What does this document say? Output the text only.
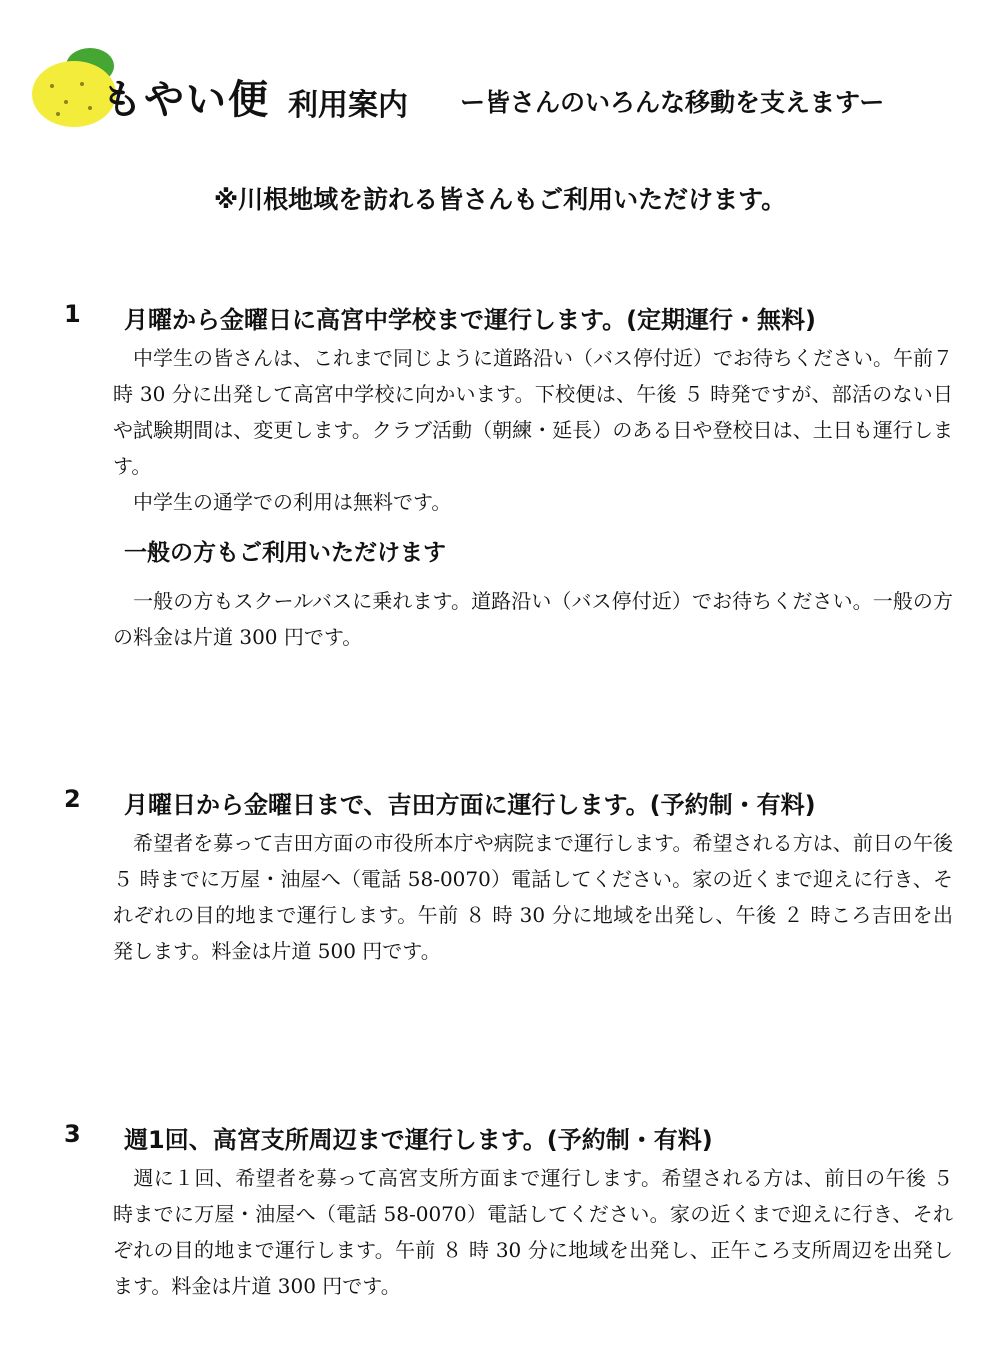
もやい便 利用案内 ー皆さんのいろんな移動を支えますー
※川根地域を訪れる皆さんもご利用いただけます。
1 月曜から金曜日に高宮中学校まで運行します。(定期運行・無料)

　中学生の皆さんは、これまで同じように道路沿い（バス停付近）でお待ちください。午前７時 30 分に出発して高宮中学校に向かいます。下校便は、午後 ５ 時発ですが、部活のない日や試験期間は、変更します。クラブ活動（朝練・延長）のある日や登校日は、土日も運行します。

　中学生の通学での利用は無料です。

一般の方もご利用いただけます

　一般の方もスクールバスに乗れます。道路沿い（バス停付近）でお待ちください。一般の方の料金は片道 300 円です。

2 月曜日から金曜日まで、吉田方面に運行します。(予約制・有料)

　希望者を募って吉田方面の市役所本庁や病院まで運行します。希望される方は、前日の午後 ５ 時までに万屋・油屋へ（電話 58-0070）電話してください。家の近くまで迎えに行き、それぞれの目的地まで運行します。午前 ８ 時 30 分に地域を出発し、午後 ２ 時ころ吉田を出発します。料金は片道 500 円です。

3 週1回、高宮支所周辺まで運行します。(予約制・有料)

　週に１回、希望者を募って高宮支所方面まで運行します。希望される方は、前日の午後 ５ 時までに万屋・油屋へ（電話 58-0070）電話してください。家の近くまで迎えに行き、それぞれの目的地まで運行します。午前 ８ 時 30 分に地域を出発し、正午ころ支所周辺を出発します。料金は片道 300 円です。
